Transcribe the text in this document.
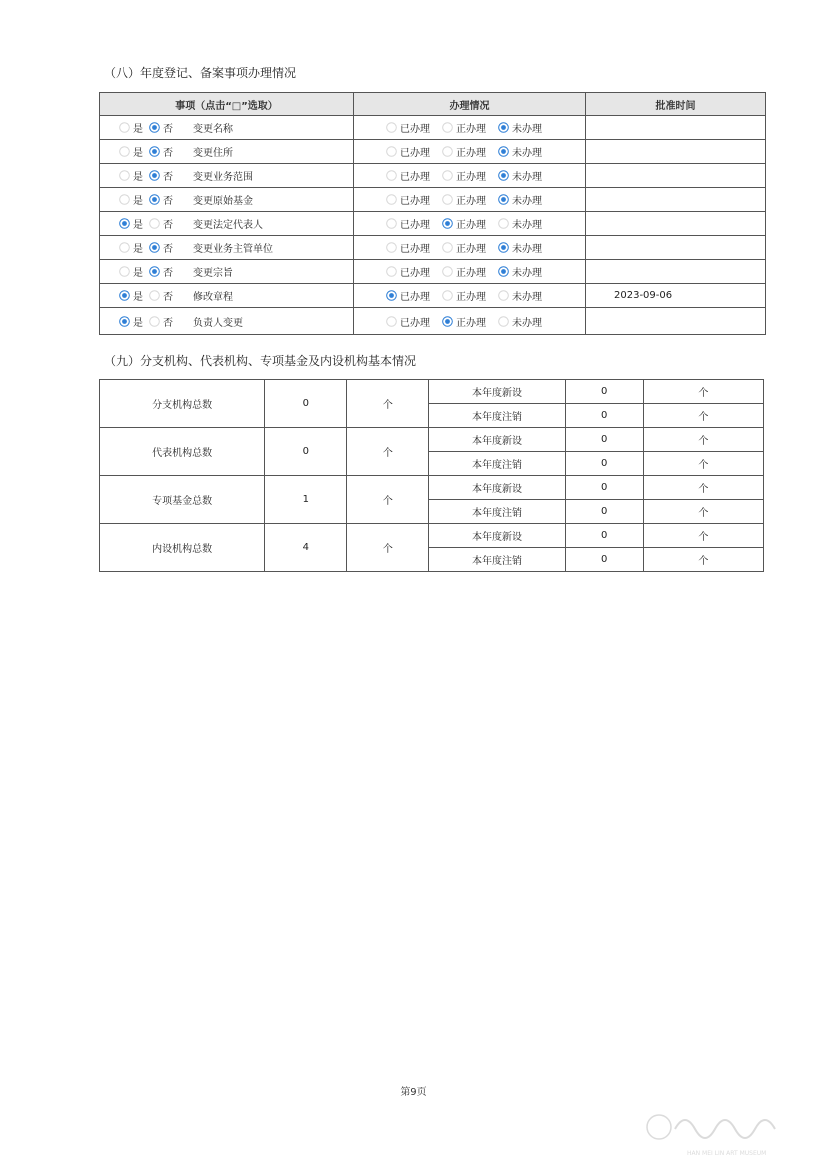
（八）年度登记、备案事项办理情况
事项（点击“□”选取）	办理情况	批准时间

是 否 变更名称	已办理 正办理 未办理	

是 否 变更住所	已办理 正办理 未办理	

是 否 变更业务范围	已办理 正办理 未办理	

是 否 变更原始基金	已办理 正办理 未办理	

是 否 变更法定代表人	已办理 正办理 未办理	

是 否 变更业务主管单位	已办理 正办理 未办理	

是 否 变更宗旨	已办理 正办理 未办理	

是 否 修改章程	已办理 正办理 未办理	2023-09-06

是 否 负责人变更	已办理 正办理 未办理	

（九）分支机构、代表机构、专项基金及内设机构基本情况
分支机构总数	0	个	本年度新设	0	个
			本年度注销	0	个
代表机构总数	0	个	本年度新设	0	个
			本年度注销	0	个
专项基金总数	1	个	本年度新设	0	个
			本年度注销	0	个
内设机构总数	4	个	本年度新设	0	个
			本年度注销	0	个
第9页
HAN MEI LIN ART MUSEUM
